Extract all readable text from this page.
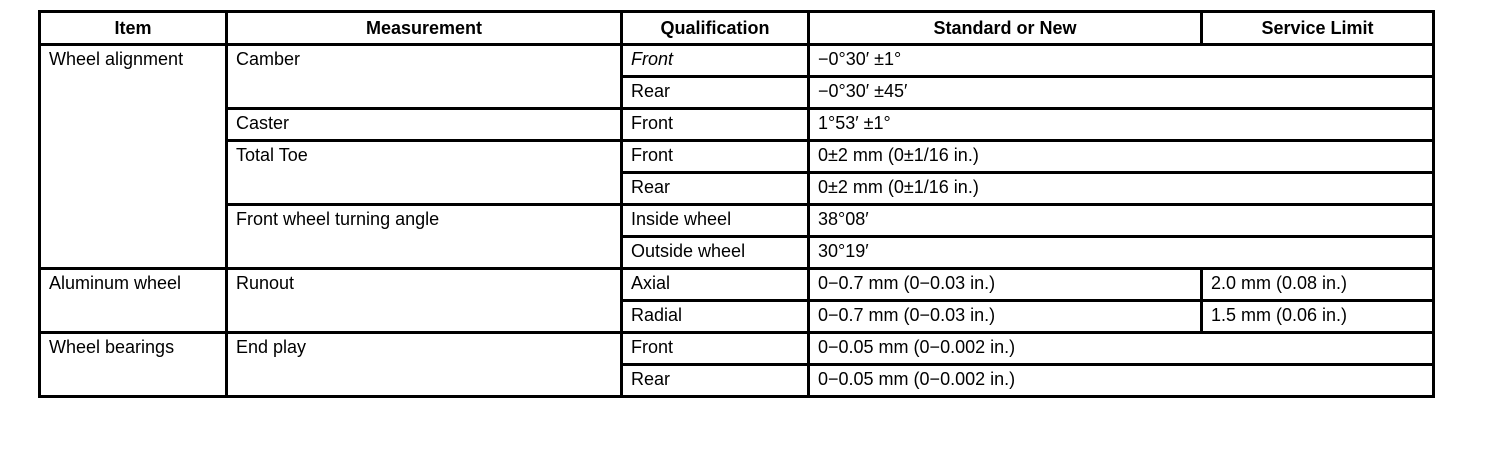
Item	Measurement	Qualification	Standard or New	Service Limit
Wheel alignment	Camber	Front	−0°30′ ±1°	
		Rear	−0°30′ ±45′	
	Caster	Front	1°53′ ±1°	
	Total Toe	Front	0±2 mm (0±1/16 in.)	
		Rear	0±2 mm (0±1/16 in.)	
	Front wheel turning angle	Inside wheel	38°08′	
		Outside wheel	30°19′	
Aluminum wheel	Runout	Axial	0−0.7 mm (0−0.03 in.)	2.0 mm (0.08 in.)
		Radial	0−0.7 mm (0−0.03 in.)	1.5 mm (0.06 in.)
Wheel bearings	End play	Front	0−0.05 mm (0−0.002 in.)	
		Rear	0−0.05 mm (0−0.002 in.)	
